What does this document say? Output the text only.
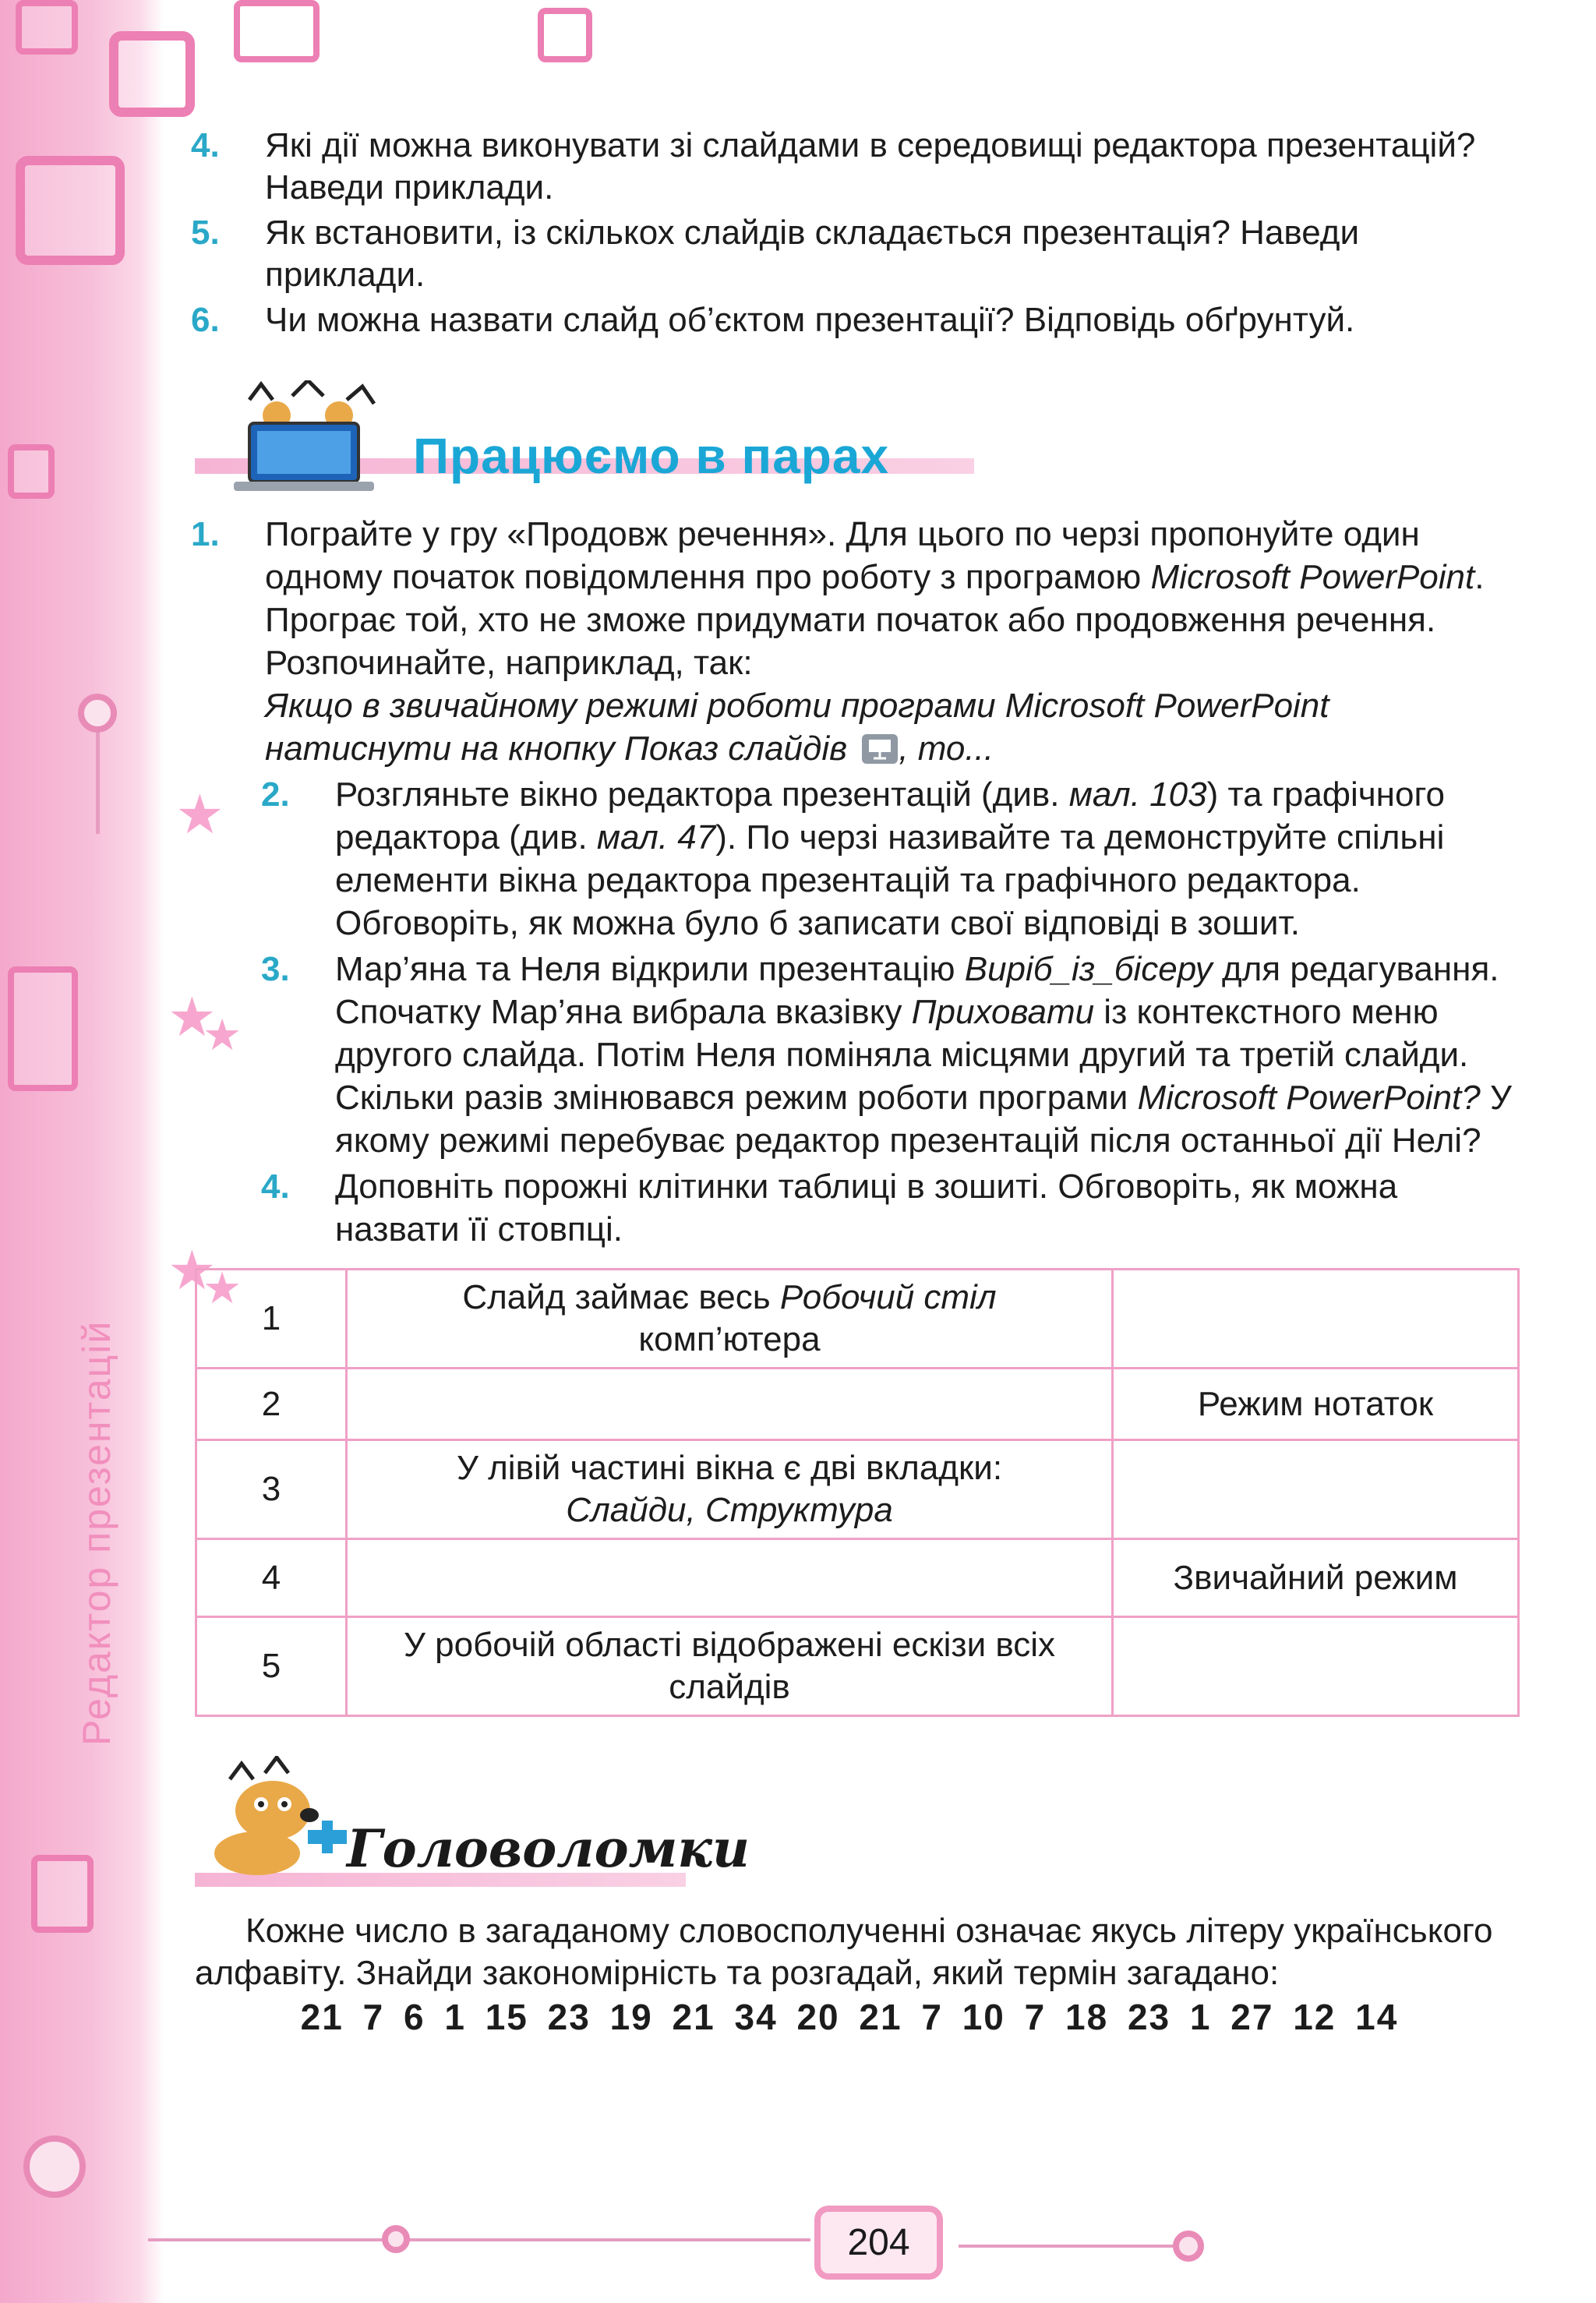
Редактор презентацій
★
★
★
★
★
4. Які дії можна виконувати зі слайдами в середовищі редактора презентацій? Наведи приклади.
5. Як встановити, із скількох слайдів складається презентація? Наведи приклади.
6. Чи можна назвати слайд об’єктом презентації? Відповідь обґрунтуй.
Працюємо в парах
1. Пограйте у гру «Продовж речення». Для цього по черзі пропонуйте один одному початок повідомлення про роботу з програмою Microsoft PowerPoint. Програє той, хто не зможе придумати початок або продовження речення. Розпочинайте, наприклад, так:
Якщо в звичайному режимі роботи програми Microsoft PowerPoint натиснути на кнопку Показ слайдів , то...
2. Розгляньте вікно редактора презентацій (див. мал. 103) та графічного редактора (див. мал. 47). По черзі називайте та демонструйте спільні елементи вікна редактора презентацій та графічного редактора. Обговоріть, як можна було б записати свої відповіді в зошит.
3. Мар’яна та Неля відкрили презентацію Виріб_із_бісеру для редагування. Спочатку Мар’яна вибрала вказівку Приховати із контекстного меню другого слайда. Потім Неля поміняла місцями другий та третій слайди. Скільки разів змінювався режим роботи програми Microsoft PowerPoint? У якому режимі перебуває редактор презентацій після останньої дії Нелі?
4. Доповніть порожні клітинки таблиці в зошиті. Обговоріть, як можна назвати її стовпці.
1	Слайд займає весь Робочий стіл
комп’ютера	
2		Режим нотаток
3	У лівій частині вікна є дві вкладки:
Слайди, Структура	
4		Звичайний режим
5	У робочій області відображені ескізи всіх слайдів	
Головоломки

Кожне число в загаданому словосполученні означає якусь літеру українського алфавіту. Знайди закономірність та розгадай, який термін загадано:

21 7 6 1 15 23 19 21 34 20 21 7 10 7 18 23 1 27 12 14
204
